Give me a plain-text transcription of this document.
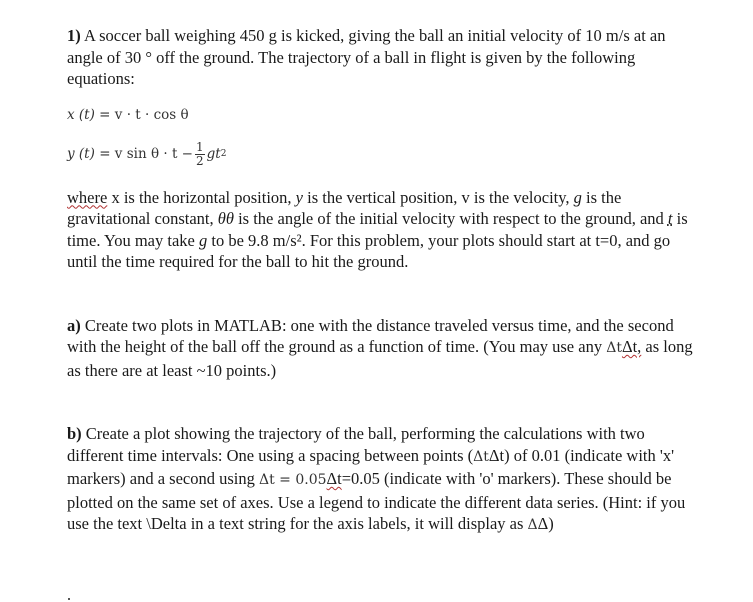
1) A soccer ball weighing 450 g is kicked, giving the ball an initial velocity of 10 m/s at an angle of 30 ° off the ground. The trajectory of a ball in flight is given by the following equations:

x (t) = v · t · cos θ

y (t)
= v $\sin \theta \cdot t - \frac{1}{2}$ gt 2

where x is the horizontal position, y is the vertical position, v is the velocity, g is the gravitational constant, θθ is the angle of the initial velocity with respect to the ground, and t is time. You may take g to be 9.8 m/s². For this problem, your plots should start at t=0, and go until the time required for the ball to hit the ground.

a) Create two plots in MATLAB: one with the distance traveled versus time, and the second with the height of the ball off the ground as a function of time. (You may use any ΔtΔt, as long as there are at least ~10 points.)

b) Create a plot showing the trajectory of the ball, performing the calculations with two different time intervals: One using a spacing between points (ΔtΔt) of 0.01 (indicate with 'x' markers) and a second using Δt = 0.05Δt=0.05 (indicate with 'o' markers). These should be plotted on the same set of axes. Use a legend to indicate the different data series. (Hint: if you use the text \Delta in a text string for the axis labels, it will display as ΔΔ)
